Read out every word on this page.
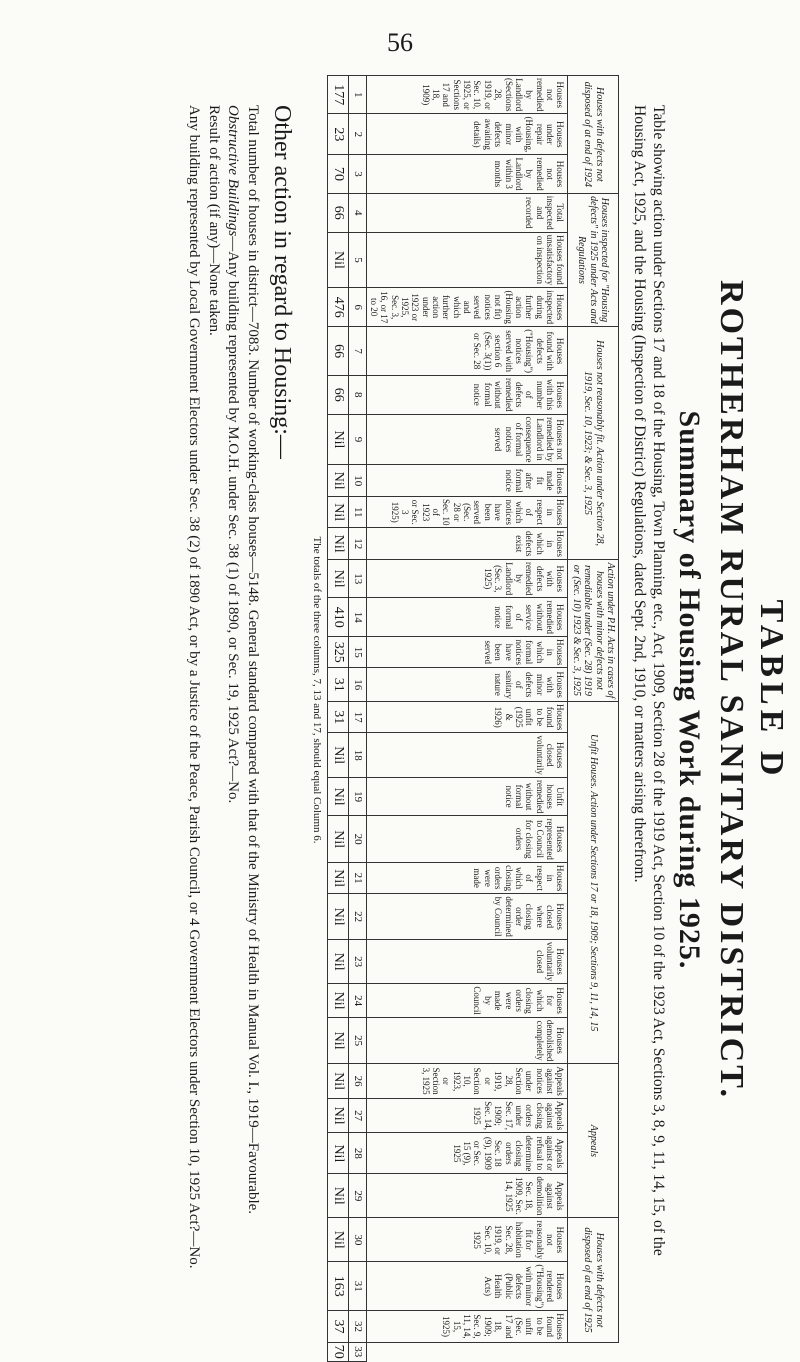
56
TABLE D
ROTHERHAM RURAL SANITARY DISTRICT.
Summary of Housing Work during 1925.

Table showing action under Sections 17 and 18 of the Housing, Town Planning, etc., Act, 1909, Section 28 of the 1919 Act, Section 10 of the 1923 Act, Sections 3, 8, 9, 11, 14, 15, of the Housing Act, 1925, and the Housing (Inspection of District) Regulations, dated Sept. 2nd, 1910, or matters arising therefrom.

Houses with defects not disposed of at end of 1924			Houses inspected for "Housing defects" in 1925 under Acts and Regulations			Houses not reasonably fit. Action under Section 28, 1919, Sec. 10, 1923; & Sec. 3, 1925						Action under P.H. Acts in cases of houses with minor defects not remediable under (Sec. 28) 1919 or (Sec. 10) 1923 & Sec. 3, 1925				Unfit Houses. Action under Sections 17 or 18, 1909; Sections 9, 11, 14, 15									Appeals				Houses with defects not disposed of at end of 1925			
Houses not remedied by Landlord (Sections 28, 1919, or Sec. 10, 1925, or Sections 17 and 18, 1909)	Houses under repair (Housing, with minor defects awaiting details)	Houses not remedied by Landlord within 3 months	Total inspected and recorded	Houses found unsatisfactory on inspection	Houses inspected during further action (Housing not fit) notices served and which further action under 1923 or 1925, Sec. 3, 16, or 17 to 20	Houses found with defects ("Housing") notices served with section 6 (Sec. 3(1)) or Sec. 28	Houses with this number of defects remedied without formal notice	Houses not remedied by Landlord in consequence of formal notices served	Houses made fit after formal notice	Houses in respect of which notices have been served (Sec. 28 or Sec. 10 of 1923 or Sec. 3 1925)	Houses in which defects exist	Houses with defects remedied by Landlord (Sec. 3, 1925)	Houses remedied without service of formal notice	Houses in which formal notices have been served	Houses with minor defects of sanitary nature	Houses found to be unfit (1925 & 1926)	Houses closed voluntarily	Unfit houses remedied without formal notice	Houses represented to Council for closing orders	Houses in respect of which closing orders were made	Houses closed where closing order determined by Council	Houses voluntarily closed	Houses for which closing orders were made by Council	Houses demolished completely	Appeals against notices under Section 28, 1919, or Section 10, 1923, or Section 3, 1925	Appeals against closing orders under Sec. 17, 1909; Sec. 14, 1925	Appeals against or refusal to determine closing orders Sec. 18 (9), 1909 or Sec. 15 (9), 1925	Appeals against demolition Sec. 18, 1909, Sec. 14, 1925	Houses not reasonably fit for habitation Sec. 28, 1919, or Sec. 10, 1925	Houses rendered ("Housing") with minor defects (Public Health Acts)	Houses found to be unfit (Sec. 17 and 18, 1909; Sec. 9, 11, 14, 15, 1925)	
1	2	3	4	5	6	7	8	9	10	11	12	13	14	15	16	17	18	19	20	21	22	23	24	25	26	27	28	29	30	31	32	33
177	23	70	66	Nil	476	66	66	Nil	Nil	Nil	Nil	Nil	410	325	31	31	Nil	Nil	Nil	Nil	Nil	Nil	Nil	Nil	Nil	Nil	Nil	Nil	Nil	163	37	70
The totals of the three columns, 7, 13 and 17, should equal Column 6.
Other action in regard to Housing:—

Total number of houses in district—7083. Number of working-class houses—5148. General standard compared with that of the Ministry of Health in Manual Vol. I., 1919—Favourable.

Obstructive Buildings—Any building represented by M.O.H. under Sec. 38 (1) of 1890, or Sec. 19, 1925 Act?—No.

Result of action (if any)—None taken.

Any building represented by Local Government Electors under Sec. 38 (2) of 1890 Act, or by a Justice of the Peace, Parish Council, or 4 Government Electors under Section 10, 1925 Act?—No.
